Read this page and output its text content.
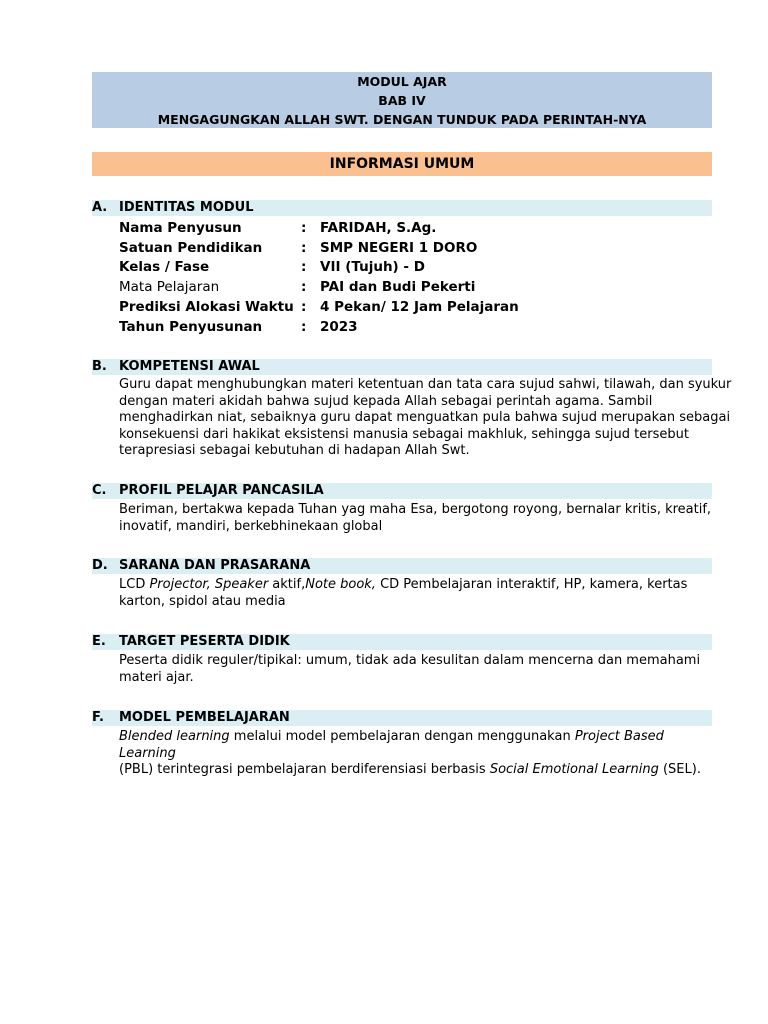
MODUL AJAR
BAB IV
MENGAGUNGKAN ALLAH SWT. DENGAN TUNDUK PADA PERINTAH-NYA
INFORMASI UMUM
A. IDENTITAS MODUL
Nama Penyusun	: FARIDAH, S.Ag.
Satuan Pendidikan	: SMP NEGERI 1 DORO
Kelas / Fase	: VII (Tujuh) - D
Mata Pelajaran	: PAI dan Budi Pekerti
Prediksi Alokasi Waktu : 4 Pekan/ 12 Jam Pelajaran
Tahun Penyusunan	: 2023
B. KOMPETENSI AWAL
Guru dapat menghubungkan materi ketentuan dan tata cara sujud sahwi, tilawah, dan syukur
dengan materi akidah bahwa sujud kepada Allah sebagai perintah agama. Sambil
menghadirkan niat, sebaiknya guru dapat menguatkan pula bahwa sujud merupakan sebagai
konsekuensi dari hakikat eksistensi manusia sebagai makhluk, sehingga sujud tersebut
terapresiasi sebagai kebutuhan di hadapan Allah Swt.
C. PROFIL PELAJAR PANCASILA
Beriman, bertakwa kepada Tuhan yag maha Esa, bergotong royong, bernalar kritis, kreatif,
inovatif, mandiri, berkebhinekaan global
D. SARANA DAN PRASARANA
LCD Projector, Speaker aktif,Note book, CD Pembelajaran interaktif, HP, kamera, kertas
karton, spidol atau media
E. TARGET PESERTA DIDIK
Peserta didik reguler/tipikal: umum, tidak ada kesulitan dalam mencerna dan memahami
materi ajar.
F. MODEL PEMBELAJARAN
Blended learning melalui model pembelajaran dengan menggunakan Project Based Learning
(PBL) terintegrasi pembelajaran berdiferensiasi berbasis Social Emotional Learning (SEL).
